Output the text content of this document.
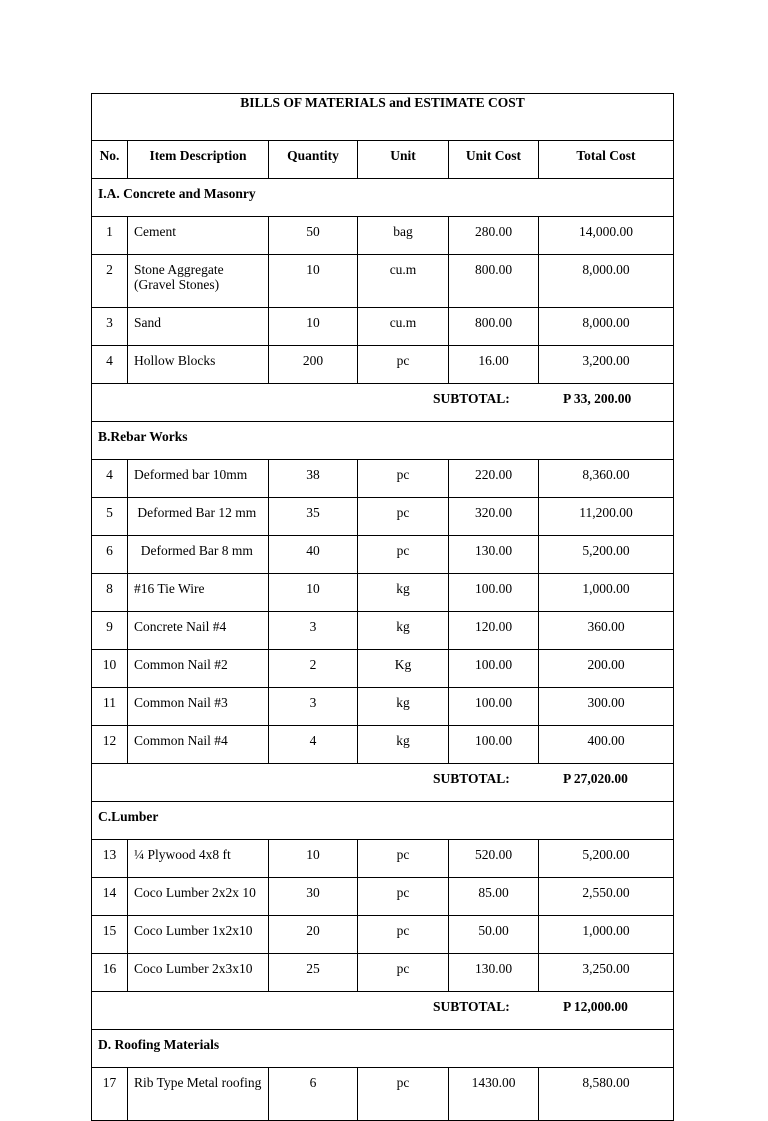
BILLS OF MATERIALS and ESTIMATE COST					

No.	Item Description	Quantity	Unit	Unit Cost	Total Cost
I.A. Concrete and Masonry					
1	Cement	50	bag	280.00	14,000.00
2	Stone Aggregate (Gravel Stones)	10	cu.m	800.00	8,000.00
3	Sand	10	cu.m	800.00	8,000.00
4	Hollow Blocks	200	pc	16.00	3,200.00
SUBTOTAL: P 33, 200.00					
B.Rebar Works					
4	Deformed bar 10mm	38	pc	220.00	8,360.00
5	Deformed Bar 12 mm	35	pc	320.00	11,200.00
6	Deformed Bar 8 mm	40	pc	130.00	5,200.00
8	#16 Tie Wire	10	kg	100.00	1,000.00
9	Concrete Nail #4	3	kg	120.00	360.00
10	Common Nail #2	2	Kg	100.00	200.00
11	Common Nail #3	3	kg	100.00	300.00
12	Common Nail #4	4	kg	100.00	400.00
SUBTOTAL: P 27,020.00					
C.Lumber					
13	¼ Plywood 4x8 ft	10	pc	520.00	5,200.00
14	Coco Lumber 2x2x 10	30	pc	85.00	2,550.00
15	Coco Lumber 1x2x10	20	pc	50.00	1,000.00
16	Coco Lumber 2x3x10	25	pc	130.00	3,250.00
SUBTOTAL: P 12,000.00					
D. Roofing Materials					
17	Rib Type Metal roofing	6	pc	1430.00	8,580.00
